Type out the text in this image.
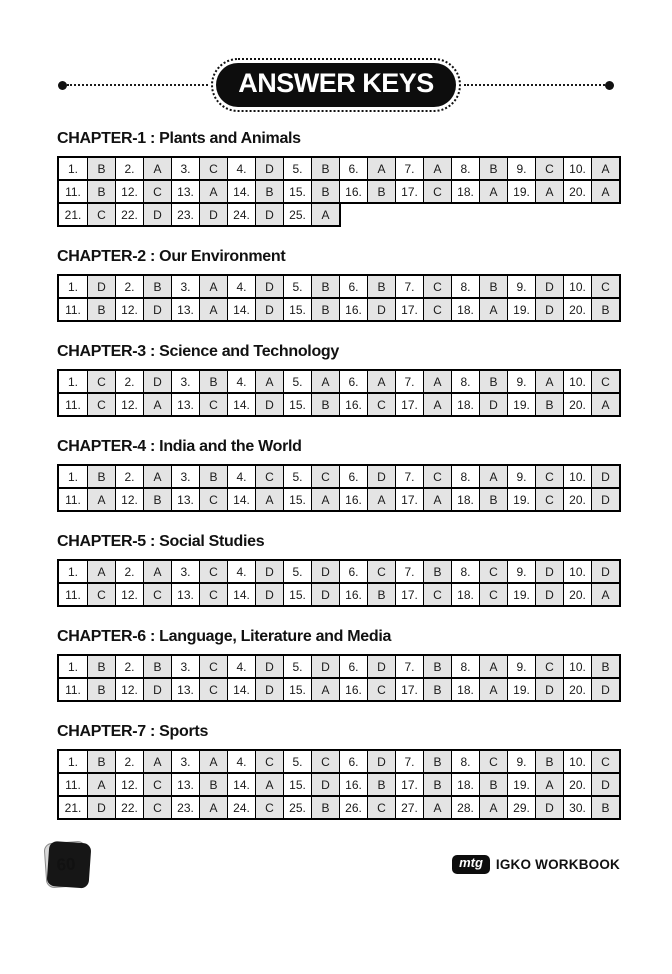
ANSWER KEYS
CHAPTER-1 : Plants and Animals
1.	B	2.	A	3.	C	4.	D	5.	B	6.	A	7.	A	8.	B	9.	C	10.	A
11.	B	12.	C	13.	A	14.	B	15.	B	16.	B	17.	C	18.	A	19.	A	20.	A
21.	C	22.	D	23.	D	24.	D	25.	A
CHAPTER-2 : Our Environment
1.	D	2.	B	3.	A	4.	D	5.	B	6.	B	7.	C	8.	B	9.	D	10.	C
11.	B	12.	D	13.	A	14.	D	15.	B	16.	D	17.	C	18.	A	19.	D	20.	B
CHAPTER-3 : Science and Technology
1.	C	2.	D	3.	B	4.	A	5.	A	6.	A	7.	A	8.	B	9.	A	10.	C
11.	C	12.	A	13.	C	14.	D	15.	B	16.	C	17.	A	18.	D	19.	B	20.	A
CHAPTER-4 : India and the World
1.	B	2.	A	3.	B	4.	C	5.	C	6.	D	7.	C	8.	A	9.	C	10.	D
11.	A	12.	B	13.	C	14.	A	15.	A	16.	A	17.	A	18.	B	19.	C	20.	D
CHAPTER-5 : Social Studies
1.	A	2.	A	3.	C	4.	D	5.	D	6.	C	7.	B	8.	C	9.	D	10.	D
11.	C	12.	C	13.	C	14.	D	15.	D	16.	B	17.	C	18.	C	19.	D	20.	A
CHAPTER-6 : Language, Literature and Media
1.	B	2.	B	3.	C	4.	D	5.	D	6.	D	7.	B	8.	A	9.	C	10.	B
11.	B	12.	D	13.	C	14.	D	15.	A	16.	C	17.	B	18.	A	19.	D	20.	D
CHAPTER-7 : Sports
1.	B	2.	A	3.	A	4.	C	5.	C	6.	D	7.	B	8.	C	9.	B	10.	C
11.	A	12.	C	13.	B	14.	A	15.	D	16.	B	17.	B	18.	B	19.	A	20.	D
21.	D	22.	C	23.	A	24.	C	25.	B	26.	C	27.	A	28.	A	29.	D	30.	B
60	mtg IGKO WORKBOOK
